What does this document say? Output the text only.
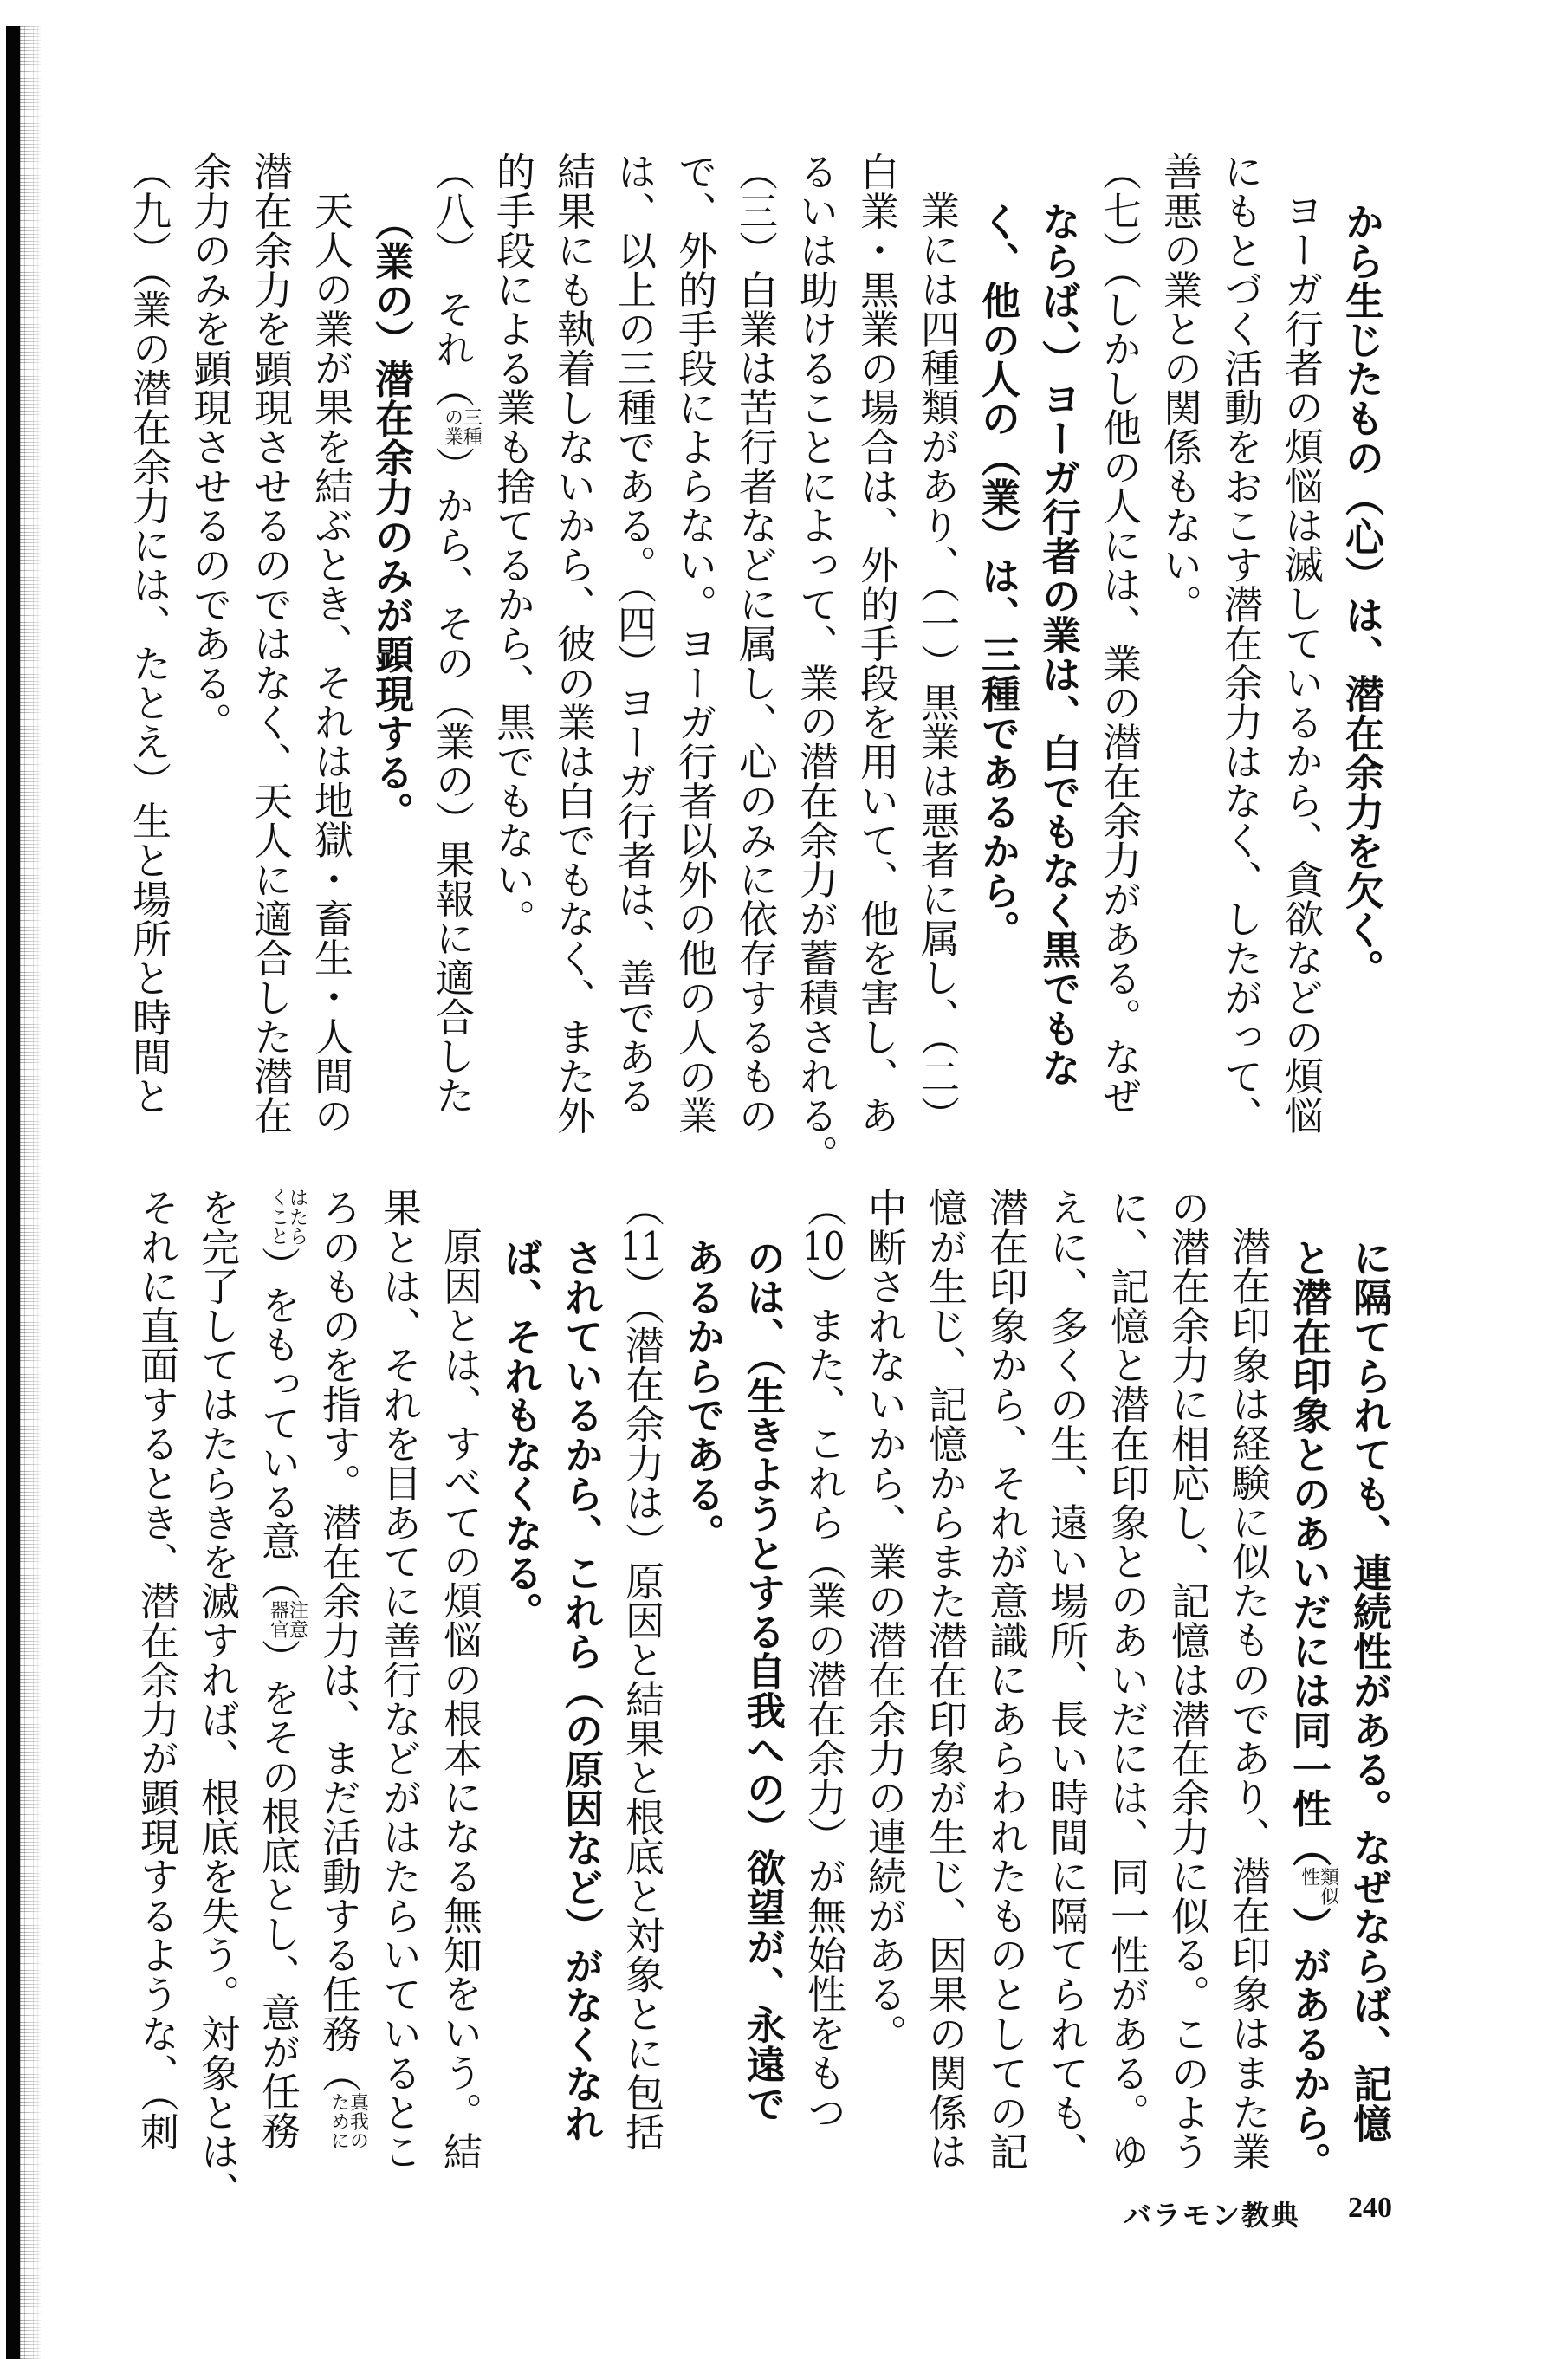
から生じたもの（心）は、潜在余力を欠く。
ヨーガ行者の煩悩は滅しているから、貪欲などの煩悩
にもとづく活動をおこす潜在余力はなく、したがって、
善悪の業との関係もない。
（七）（しかし他の人には、業の潜在余力がある。なぜ
ならば、）ヨーガ行者の業は、白でもなく黒でもな
く、他の人の（業）は、三種であるから。
業には四種類があり、（一）黒業は悪者に属し、（二）
白業・黒業の場合は、外的手段を用いて、他を害し、あ
るいは助けることによって、業の潜在余力が蓄積される。
（三）白業は苦行者などに属し、心のみに依存するもの
で、外的手段によらない。ヨーガ行者以外の他の人の業
は、以上の三種である。（四）ヨーガ行者は、善である
結果にも執着しないから、彼の業は白でもなく、また外
的手段による業も捨てるから、黒でもない。
（八）　それ（
三種
の業
）から、その（業の）果報に適合した
（業の）潜在余力のみが顕現する。
天人の業が果を結ぶとき、それは地獄・畜生・人間の
潜在余力を顕現させるのではなく、天人に適合した潜在
余力のみを顕現させるのである。
（九）（業の潜在余力には、たとえ）生と場所と時間と
に隔てられても、連続性がある。なぜならば、記憶
と潜在印象とのあいだには同一性（
類似
性
）があるから。
潜在印象は経験に似たものであり、潜在印象はまた業
の潜在余力に相応し、記憶は潜在余力に似る。このよう
に、記憶と潜在印象とのあいだには、同一性がある。ゆ
えに、多くの生、遠い場所、長い時間に隔てられても、
潜在印象から、それが意識にあらわれたものとしての記
憶が生じ、記憶からまた潜在印象が生じ、因果の関係は
中断されないから、業の潜在余力の連続がある。
（10）また、これら（業の潜在余力）が無始性をもつ
のは、（生きようとする自我への）欲望が、永遠で
あるからである。
（11）（潜在余力は）原因と結果と根底と対象とに包括
されているから、これら（の原因など）がなくなれ
ば、それもなくなる。
原因とは、すべての煩悩の根本になる無知をいう。結
果とは、それを目あてに善行などがはたらいているとこ
ろのものを指す。潜在余力は、まだ活動する任務（
真我の
ために
はたら
くこと
）をもっている意（
注意
器官
）をその根底とし、意が任務
を完了してはたらきを滅すれば、根底を失う。対象とは、
それに直面するとき、潜在余力が顕現するような、（刺
バラモン教典 240
